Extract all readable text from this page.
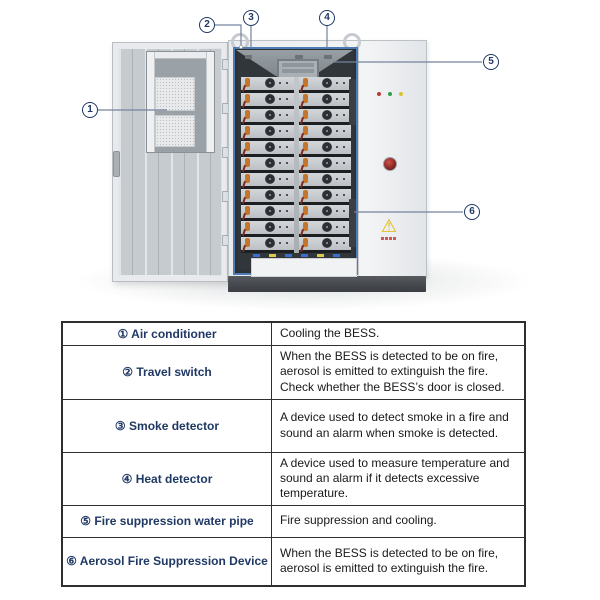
⚠
1
2
3	4
5
6
① Air conditioner	Cooling the BESS.
② Travel switch	When the BESS is detected to be on fire, aerosol is emitted to extinguish the fire. Check whether the BESS’s door is closed.
③ Smoke detector	A device used to detect smoke in a fire and sound an alarm when smoke is detected.
④ Heat detector	A device used to measure temperature and sound an alarm if it detects excessive temperature.
⑤ Fire suppression water pipe	Fire suppression and cooling.
⑥ Aerosol Fire Suppression Device	When the BESS is detected to be on fire, aerosol is emitted to extinguish the fire.
